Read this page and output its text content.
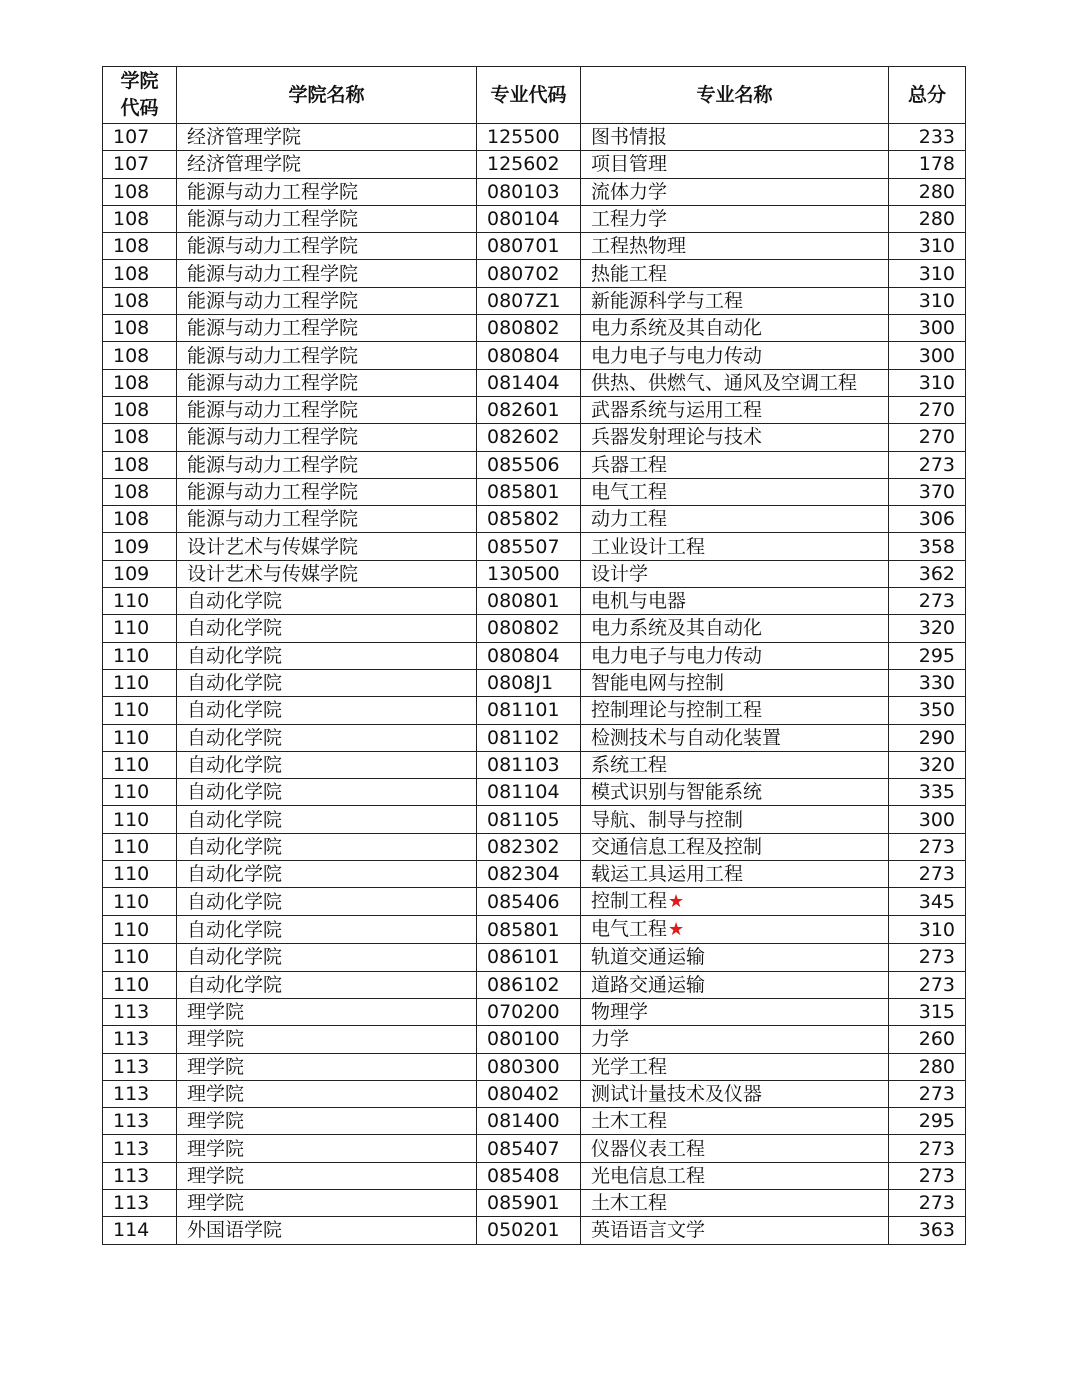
学院
代码	学院名称	专业代码	专业名称	总分
107	经济管理学院	125500	图书情报	233
107	经济管理学院	125602	项目管理	178
108	能源与动力工程学院	080103	流体力学	280
108	能源与动力工程学院	080104	工程力学	280
108	能源与动力工程学院	080701	工程热物理	310
108	能源与动力工程学院	080702	热能工程	310
108	能源与动力工程学院	0807Z1	新能源科学与工程	310
108	能源与动力工程学院	080802	电力系统及其自动化	300
108	能源与动力工程学院	080804	电力电子与电力传动	300
108	能源与动力工程学院	081404	供热、供燃气、通风及空调工程	310
108	能源与动力工程学院	082601	武器系统与运用工程	270
108	能源与动力工程学院	082602	兵器发射理论与技术	270
108	能源与动力工程学院	085506	兵器工程	273
108	能源与动力工程学院	085801	电气工程	370
108	能源与动力工程学院	085802	动力工程	306
109	设计艺术与传媒学院	085507	工业设计工程	358
109	设计艺术与传媒学院	130500	设计学	362
110	自动化学院	080801	电机与电器	273
110	自动化学院	080802	电力系统及其自动化	320
110	自动化学院	080804	电力电子与电力传动	295
110	自动化学院	0808J1	智能电网与控制	330
110	自动化学院	081101	控制理论与控制工程	350
110	自动化学院	081102	检测技术与自动化装置	290
110	自动化学院	081103	系统工程	320
110	自动化学院	081104	模式识别与智能系统	335
110	自动化学院	081105	导航、制导与控制	300
110	自动化学院	082302	交通信息工程及控制	273
110	自动化学院	082304	载运工具运用工程	273
110	自动化学院	085406	控制工程★	345
110	自动化学院	085801	电气工程★	310
110	自动化学院	086101	轨道交通运输	273
110	自动化学院	086102	道路交通运输	273
113	理学院	070200	物理学	315
113	理学院	080100	力学	260
113	理学院	080300	光学工程	280
113	理学院	080402	测试计量技术及仪器	273
113	理学院	081400	土木工程	295
113	理学院	085407	仪器仪表工程	273
113	理学院	085408	光电信息工程	273
113	理学院	085901	土木工程	273
114	外国语学院	050201	英语语言文学	363
